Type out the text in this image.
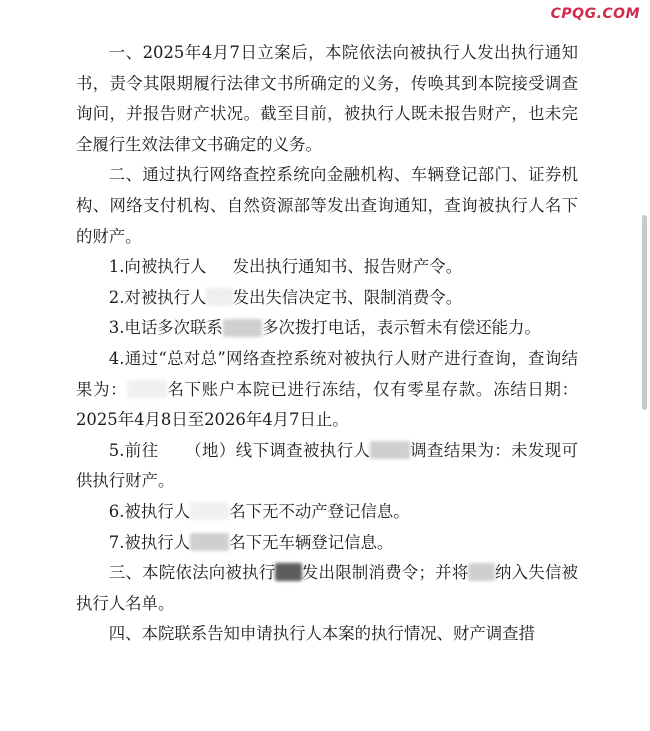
CPQG.COM

一、2025年4月7日立案后，本院依法向被执行人发出执行通知书，责令其限期履行法律文书所确定的义务，传唤其到本院接受调查询问，并报告财产状况。截至目前，被执行人既未报告财产，也未完全履行生效法律文书确定的义务。

二、通过执行网络查控系统向金融机构、车辆登记部门、证券机构、网络支付机构、自然资源部等发出查询通知，查询被执行人名下的财产。

1.向被执行人 发出执行通知书、报告财产令。

2.对被执行人 发出失信决定书、限制消费令。

3.电话多次联系 多次拨打电话，表示暂未有偿还能力。

4.通过“总对总”网络查控系统对被执行人财产进行查询，查询结果为： 名下账户本院已进行冻结，仅有零星存款。冻结日期：2025年4月8日至2026年4月7日止。

5.前往 （地）线下调查被执行人 调查结果为：未发现可供执行财产。

6.被执行人 名下无不动产登记信息。

7.被执行人 名下无车辆登记信息。

三、本院依法向被执行 发出限制消费令；并将 纳入失信被执行人名单。

四、本院联系告知申请执行人本案的执行情况、财产调查措
